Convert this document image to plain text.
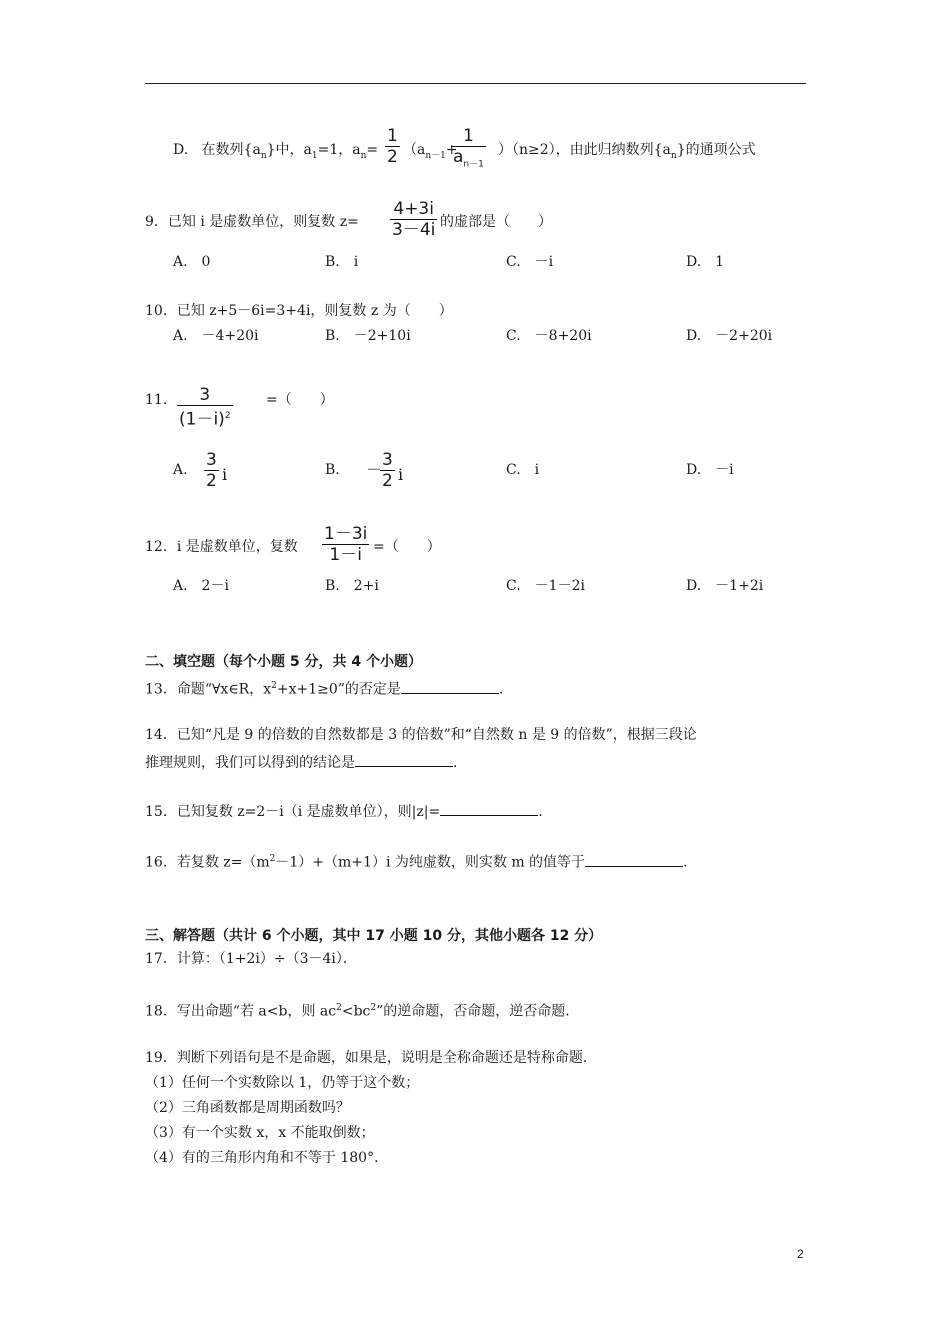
D. 在数列$\{a_n\}$中，$a_1=1$，$a_n= \frac{1}{2} (a_{n-1}+$
$\frac{1}{a_{n-1}} )(n\ge 2)$，由此归纳数列$\{a_n\}$的通项公式
9．已知 i 是虚数单位，则复数 $z= \frac{4+3i}{3-4i}$ 的虚部是（　　）
A.　0	B.　i	C.　－i	D.　1
10．已知 z+5－6i=3+4i，则复数 z 为（　　）
A.　－4+20i	B.　－2+10i	C.　－8+20i	D.　－2+20i
11． $\frac{3}{(1-i)^2}$ =（　　）
A. $\frac{3}{2}$ i	B. －
$\frac{3}{2}$ i	C.　i	D.　－i
12．i 是虚数单位，复数 $\frac{1-3i}{1-i}$ =（　　）
A.　2－i	B.　2+i	C.　－1－2i	D.　－1+2i
二、填空题（每个小题 5 分，共 4 个小题）
13．命题“∀x∈R，$x^2+x+1\ge 0$”的否定是	.
14．已知“凡是 9 的倍数的自然数都是 3 的倍数”和“自然数 n 是 9 的倍数”，根据三段论
推理规则，我们可以得到的结论是	.
15．已知复数 z=2－i（i 是虚数单位），则|z|=	.
16．若复数 $z=(m^2-1)+(m+1)i$ 为纯虚数，则实数 m 的值等于	.
三、解答题（共计 6 个小题，其中 17 小题 10 分，其他小题各 12 分）
17．计算：（1+2i）÷（3－4i）．
18．写出命题“若 a<b，则 $ac^2<bc^2$”的逆命题，否命题，逆否命题．
19．判断下列语句是不是命题，如果是，说明是全称命题还是特称命题．
（1）任何一个实数除以 1，仍等于这个数；
（2）三角函数都是周期函数吗？
（3）有一个实数 x，x 不能取倒数；
（4）有的三角形内角和不等于 180°．
2
